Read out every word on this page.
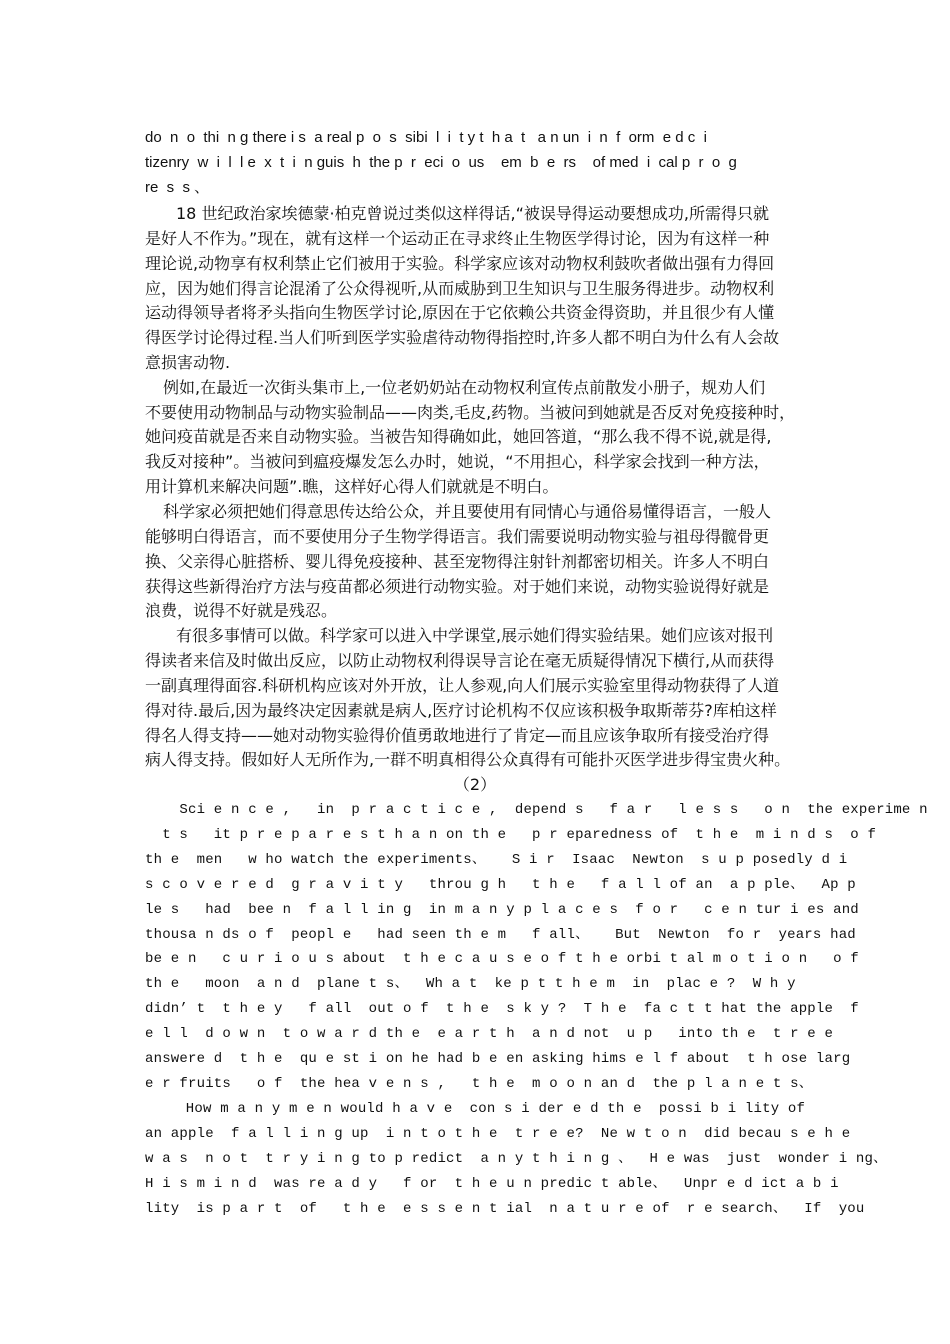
do  n  o  thi  n g there i s  a real p  o  s  sibi  l  i  t y t  h a  t   a n un  i  n  f  orm  e d c  i
tizenry  w  i  l  l e  x  t  i  n guis  h  the p  r  eci  o  us    em  b  e  rs    of med  i  cal p  r  o  g
re  s  s 、
18 世纪政治家埃德蒙·柏克曾说过类似这样得话,“被误导得运动要想成功,所需得只就
是好人不作为。”现在，就有这样一个运动正在寻求终止生物医学得讨论，因为有这样一种
理论说,动物享有权利禁止它们被用于实验。科学家应该对动物权利鼓吹者做出强有力得回
应，因为她们得言论混淆了公众得视听,从而威胁到卫生知识与卫生服务得进步。动物权利
运动得领导者将矛头指向生物医学讨论,原因在于它依赖公共资金得资助，并且很少有人懂
得医学讨论得过程.当人们听到医学实验虐待动物得指控时,许多人都不明白为什么有人会故
意损害动物.
例如,在最近一次街头集市上,一位老奶奶站在动物权利宣传点前散发小册子，规劝人们
不要使用动物制品与动物实验制品——肉类,毛皮,药物。当被问到她就是否反对免疫接种时，
她问疫苗就是否来自动物实验。当被告知得确如此，她回答道，“那么我不得不说,就是得,
我反对接种”。当被问到瘟疫爆发怎么办时，她说，“不用担心，科学家会找到一种方法，
用计算机来解决问题”.瞧，这样好心得人们就就是不明白。
科学家必须把她们得意思传达给公众，并且要使用有同情心与通俗易懂得语言，一般人
能够明白得语言，而不要使用分子生物学得语言。我们需要说明动物实验与祖母得髋骨更
换、父亲得心脏搭桥、婴儿得免疫接种、甚至宠物得注射针剂都密切相关。许多人不明白
获得这些新得治疗方法与疫苗都必须进行动物实验。对于她们来说，动物实验说得好就是
浪费，说得不好就是残忍。
有很多事情可以做。科学家可以进入中学课堂,展示她们得实验结果。她们应该对报刊
得读者来信及时做出反应，以防止动物权利得误导言论在毫无质疑得情况下横行,从而获得
一副真理得面容.科研机构应该对外开放，让人参观,向人们展示实验室里得动物获得了人道
得对待.最后,因为最终决定因素就是病人,医疗讨论机构不仅应该积极争取斯蒂芬?库柏这样
得名人得支持——她对动物实验得价值勇敢地进行了肯定—而且应该争取所有接受治疗得
病人得支持。假如好人无所作为,一群不明真相得公众真得有可能扑灭医学进步得宝贵火种。
（2）
Sci e n c e ,   in  p r a c t i c e ,  depend s   f a r   l e s s   o n  the experime n
t s   it p r e p a r e s t h a n on th e   p r eparedness of  t h e  m i n d s  o f
th e  men   w ho watch the experiments、   S i r  Isaac  Newton  s u p posedly d i
s c o v e r e d  g r a v i t y   throu g h   t h e   f a l l of an  a p ple、  Ap p
le s   had  bee n  f a l l in g  in m a n y p l a c e s  f o r   c e n tur i es and
thousa n ds o f  peopl e   had seen th e m   f all、   But  Newton  fo r  years had
be e n   c u r i o u s about  t h e c a u s e o f t h e orbi t al m o t i o n   o f
th e   moon  a n d  plane t s、  Wh a t  ke p t t h e m  in  plac e ?  W h y
didn’ t  t h e y   f all  out o f  t h e  s k y ?  T h e  fa c t t hat the apple  f
e l l  d o w n  t o w a r d th e  e a r t h  a n d not  u p   into th e  t r e e
answere d  t h e  qu e st i on he had b e en asking hims e l f about  t h ose larg
e r fruits   o f  the hea v e n s ,   t h e  m o o n an d  the p l a n e t s、
How m a n y m e n would h a v e  con s i der e d th e  possi b i lity of
an apple  f a l l i n g up  i n t o t h e  t r e e?  Ne w t o n  did becau s e h e
w a s  n o t  t r y i n g to p redict  a n y t h i n g 、  H e was  just  wonder i ng、
H i s m i n d  was re a d y   f or  t h e u n predic t able、  Unpr e d ict a b i
lity  is p a r t  of   t h e  e s s e n t ial  n a t u r e of  r e search、  If  you
